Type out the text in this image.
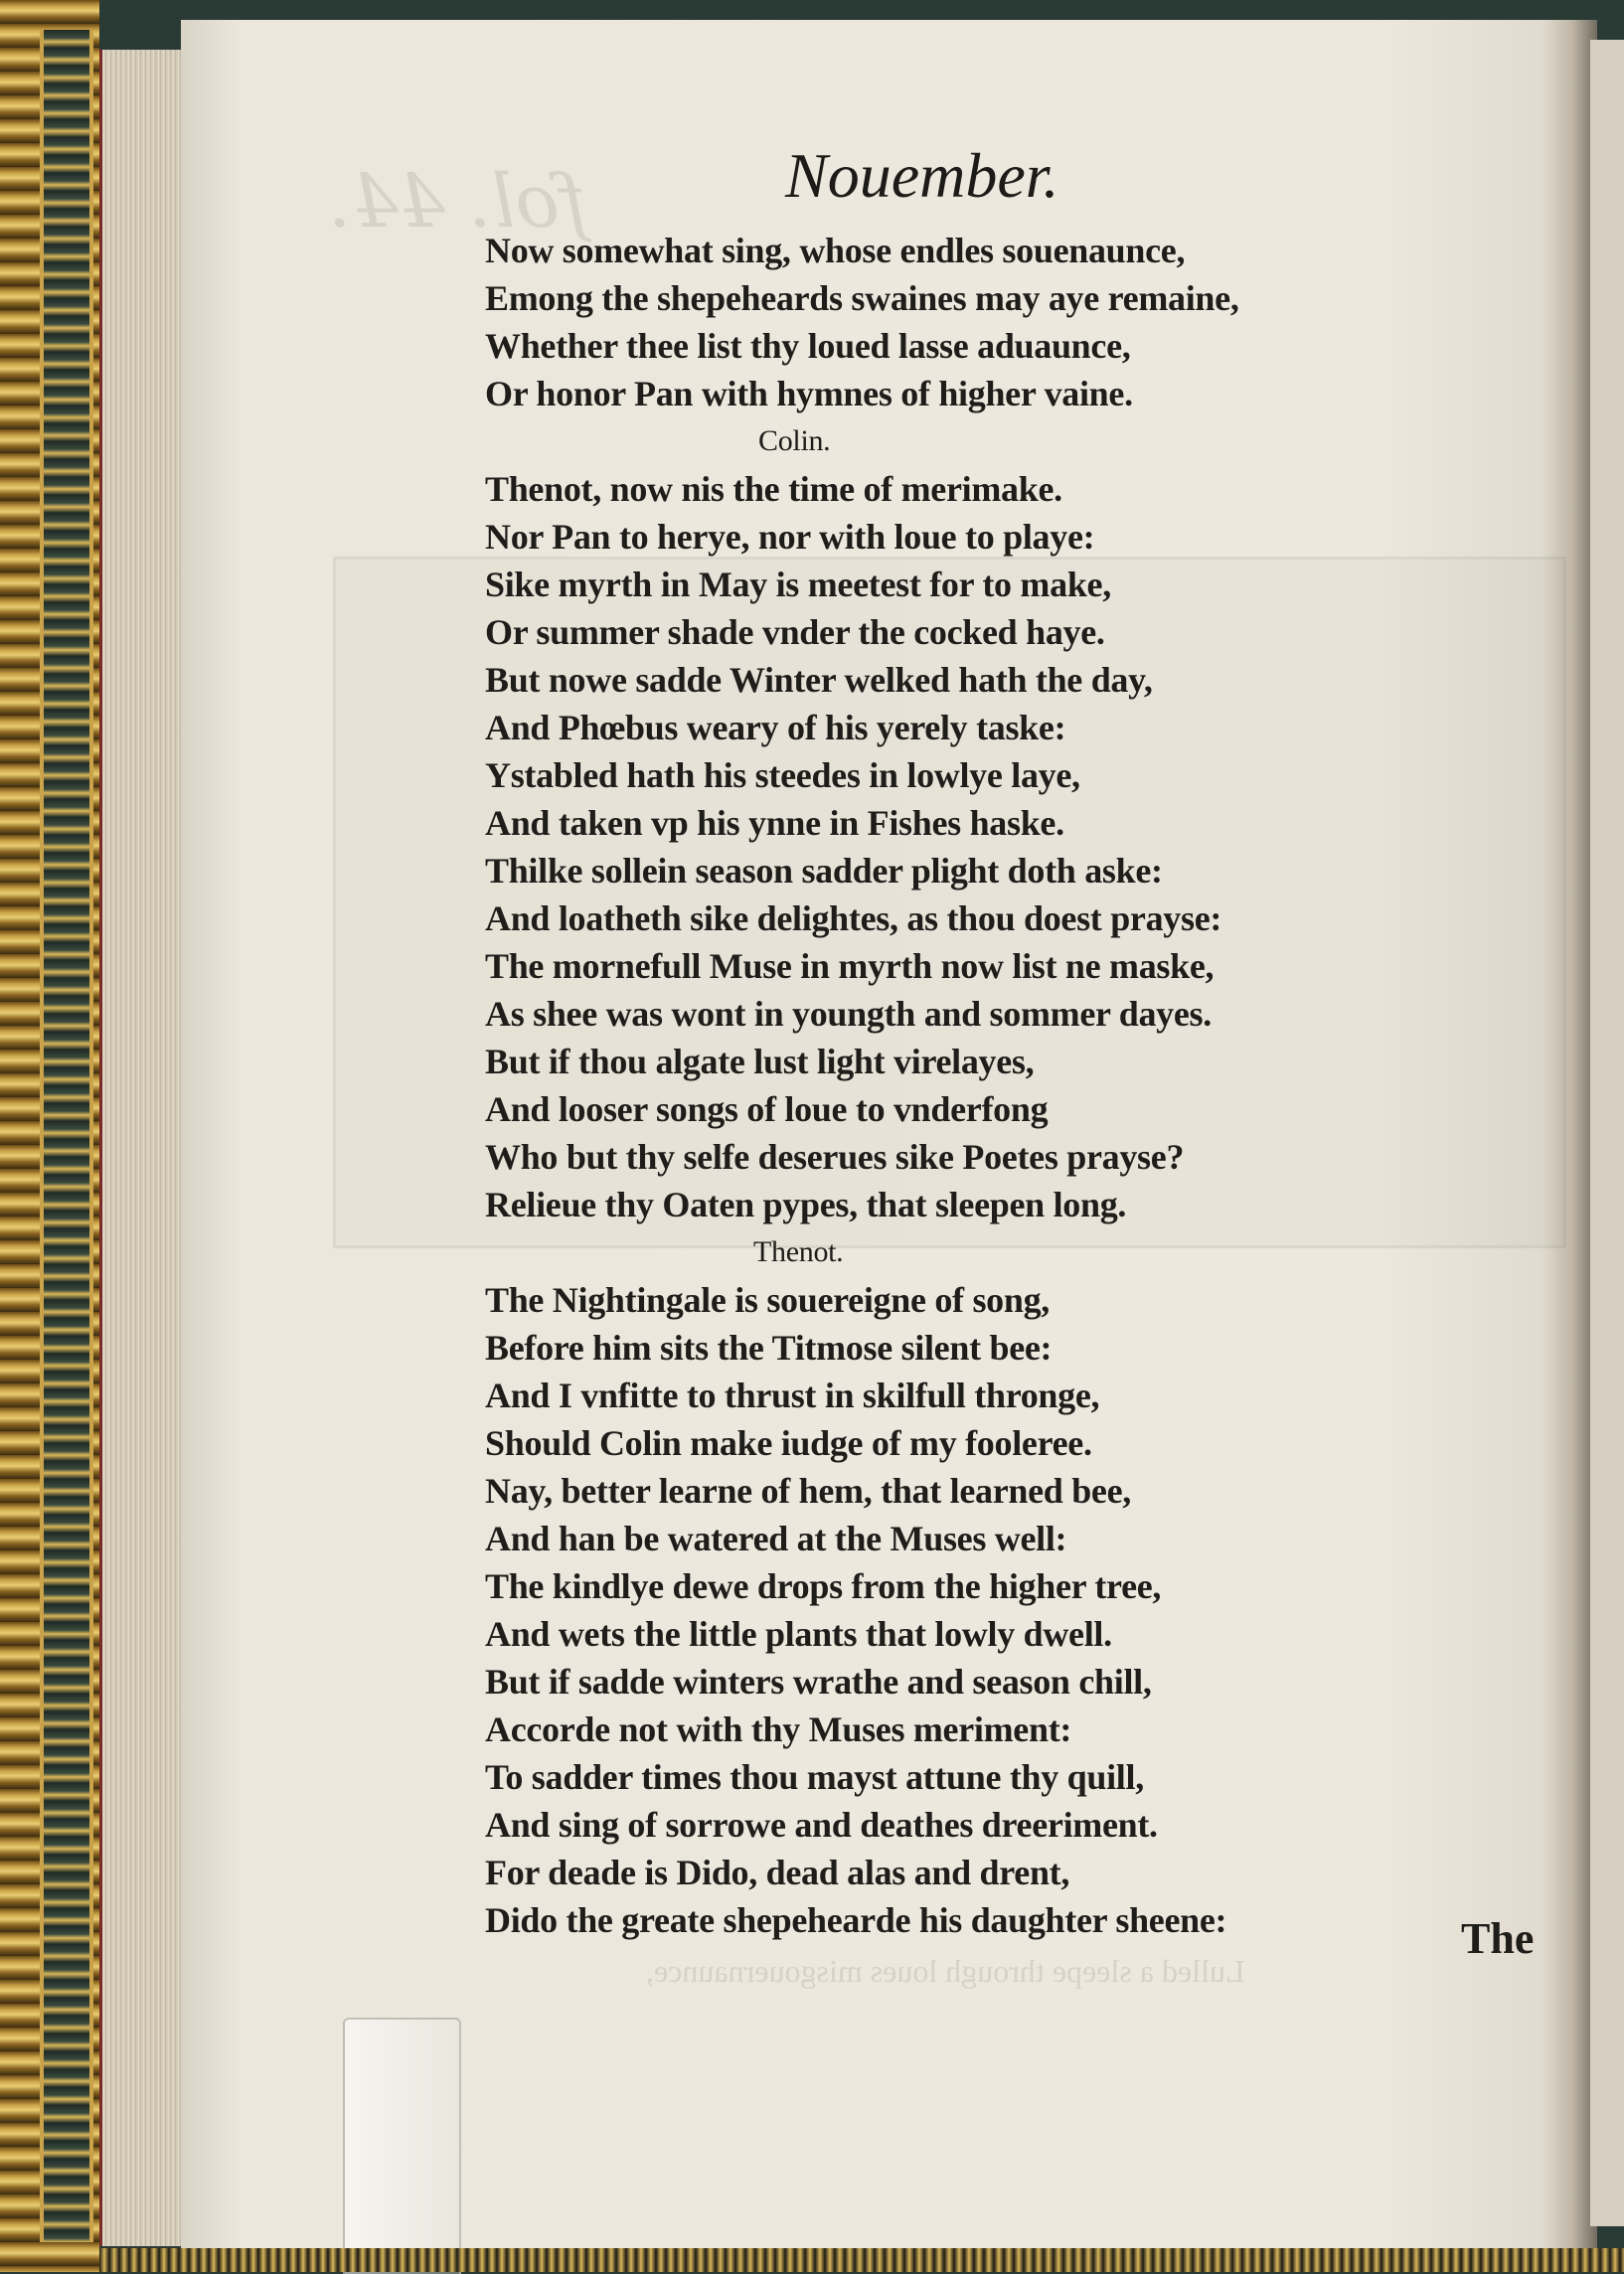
fol. 44.	Nouember.
Now somewhat sing, whose endles souenaunce,
Emong the shepeheards swaines may aye remaine,
Whether thee list thy loued lasse aduaunce,
Or honor Pan with hymnes of higher vaine.
Colin.
Thenot, now nis the time of merimake.
Nor Pan to herye, nor with loue to playe:
Sike myrth in May is meetest for to make,
Or summer shade vnder the cocked haye.
But nowe sadde Winter welked hath the day,
And Phœbus weary of his yerely taske:
Ystabled hath his steedes in lowlye laye,
And taken vp his ynne in Fishes haske.
Thilke sollein season sadder plight doth aske:
And loatheth sike delightes, as thou doest prayse:
The mornefull Muse in myrth now list ne maske,
As shee was wont in youngth and sommer dayes.
But if thou algate lust light virelayes,
And looser songs of loue to vnderfong
Who but thy selfe deserues sike Poetes prayse?
Relieue thy Oaten pypes, that sleepen long.
Thenot.
The Nightingale is souereigne of song,
Before him sits the Titmose silent bee:
And I vnfitte to thrust in skilfull thronge,
Should Colin make iudge of my fooleree.
Nay, better learne of hem, that learned bee,
And han be watered at the Muses well:
The kindlye dewe drops from the higher tree,
And wets the little plants that lowly dwell.
But if sadde winters wrathe and season chill,
Accorde not with thy Muses meriment:
To sadder times thou mayst attune thy quill,
And sing of sorrowe and deathes dreeriment.
For deade is Dido, dead alas and drent,
Dido the greate shepehearde his daughter sheene:	The
Lulled a sleepe through loues misgouernaunce,
